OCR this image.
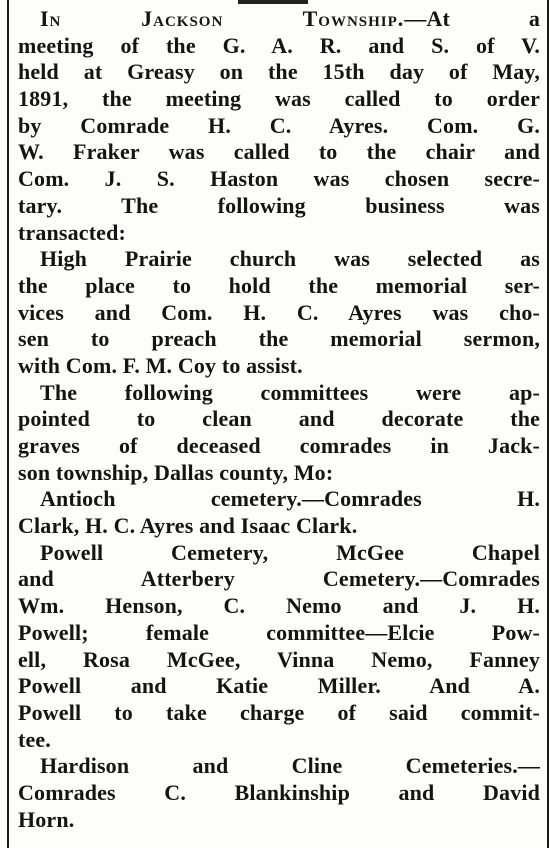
In Jackson Township.—At a
meeting of the G. A. R. and S. of V.
held at Greasy on the 15th day of May,
1891, the meeting was called to order
by Comrade H. C. Ayres. Com. G.
W. Fraker was called to the chair and
Com. J. S. Haston was chosen secre-
tary. The following business was
transacted:
High Prairie church was selected as
the place to hold the memorial ser-
vices and Com. H. C. Ayres was cho-
sen to preach the memorial sermon,
with Com. F. M. Coy to assist.
The following committees were ap-
pointed to clean and decorate the
graves of deceased comrades in Jack-
son township, Dallas county, Mo:
Antioch cemetery.—Comrades H.
Clark, H. C. Ayres and Isaac Clark.
Powell Cemetery, McGee Chapel
and Atterbery Cemetery.—Comrades
Wm. Henson, C. Nemo and J. H.
Powell; female committee—Elcie Pow-
ell, Rosa McGee, Vinna Nemo, Fanney
Powell and Katie Miller. And A.
Powell to take charge of said commit-
tee.
Hardison and Cline Cemeteries.—
Comrades C. Blankinship and David
Horn.
